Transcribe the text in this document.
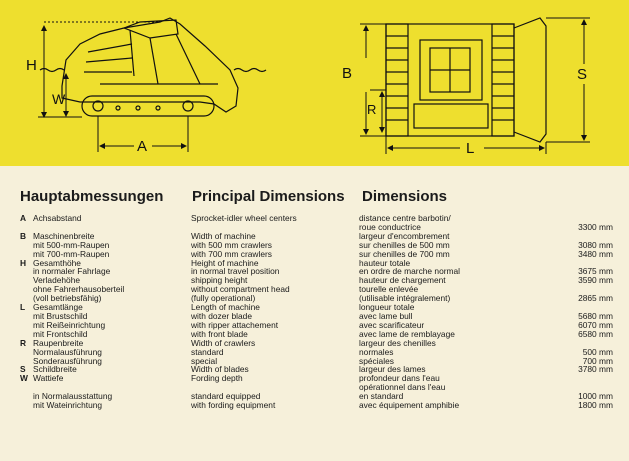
H
W
A
B
R
S
L
Hauptabmessungen Principal Dimensions Dimensions
A	Achsabstand	Sprocket-idler wheel centers	distance centre barbotin/	
			roue conductrice	3300 mm
B	Maschinenbreite	Width of machine	largeur d'encombrement	
	mit 500-mm-Raupen	with 500 mm crawlers	sur chenilles de 500 mm	3080 mm
	mit 700-mm-Raupen	with 700 mm crawlers	sur chenilles de 700 mm	3480 mm
H	Gesamthöhe	Height of machine	hauteur totale	
	in normaler Fahrlage	in normal travel position	en ordre de marche normal	3675 mm
	Verladehöhe	shipping height	hauteur de chargement	3590 mm
	ohne Fahrerhausoberteil	without compartment head	tourelle enlevée	
	(voll betriebsfähig)	(fully operational)	(utilisable intégralement)	2865 mm
L	Gesamtlänge	Length of machine	longueur totale	
	mit Brustschild	with dozer blade	avec lame bull	5680 mm
	mit Reißeinrichtung	with ripper attachement	avec scarificateur	6070 mm
	mit Frontschild	with front blade	avec lame de remblayage	6580 mm
R	Raupenbreite	Width of crawlers	largeur des chenilles	
	Normalausführung	standard	normales	500 mm
	Sonderausführung	special	spéciales	700 mm
S	Schildbreite	Width of blades	largeur des lames	3780 mm
W	Wattiefe	Fording depth	profondeur dans l'eau	
			opérationnel dans l'eau	
	in Normalausstattung	standard equipped	en standard	1000 mm
	mit Wateinrichtung	with fording equipment	avec équipement amphibie	1800 mm
